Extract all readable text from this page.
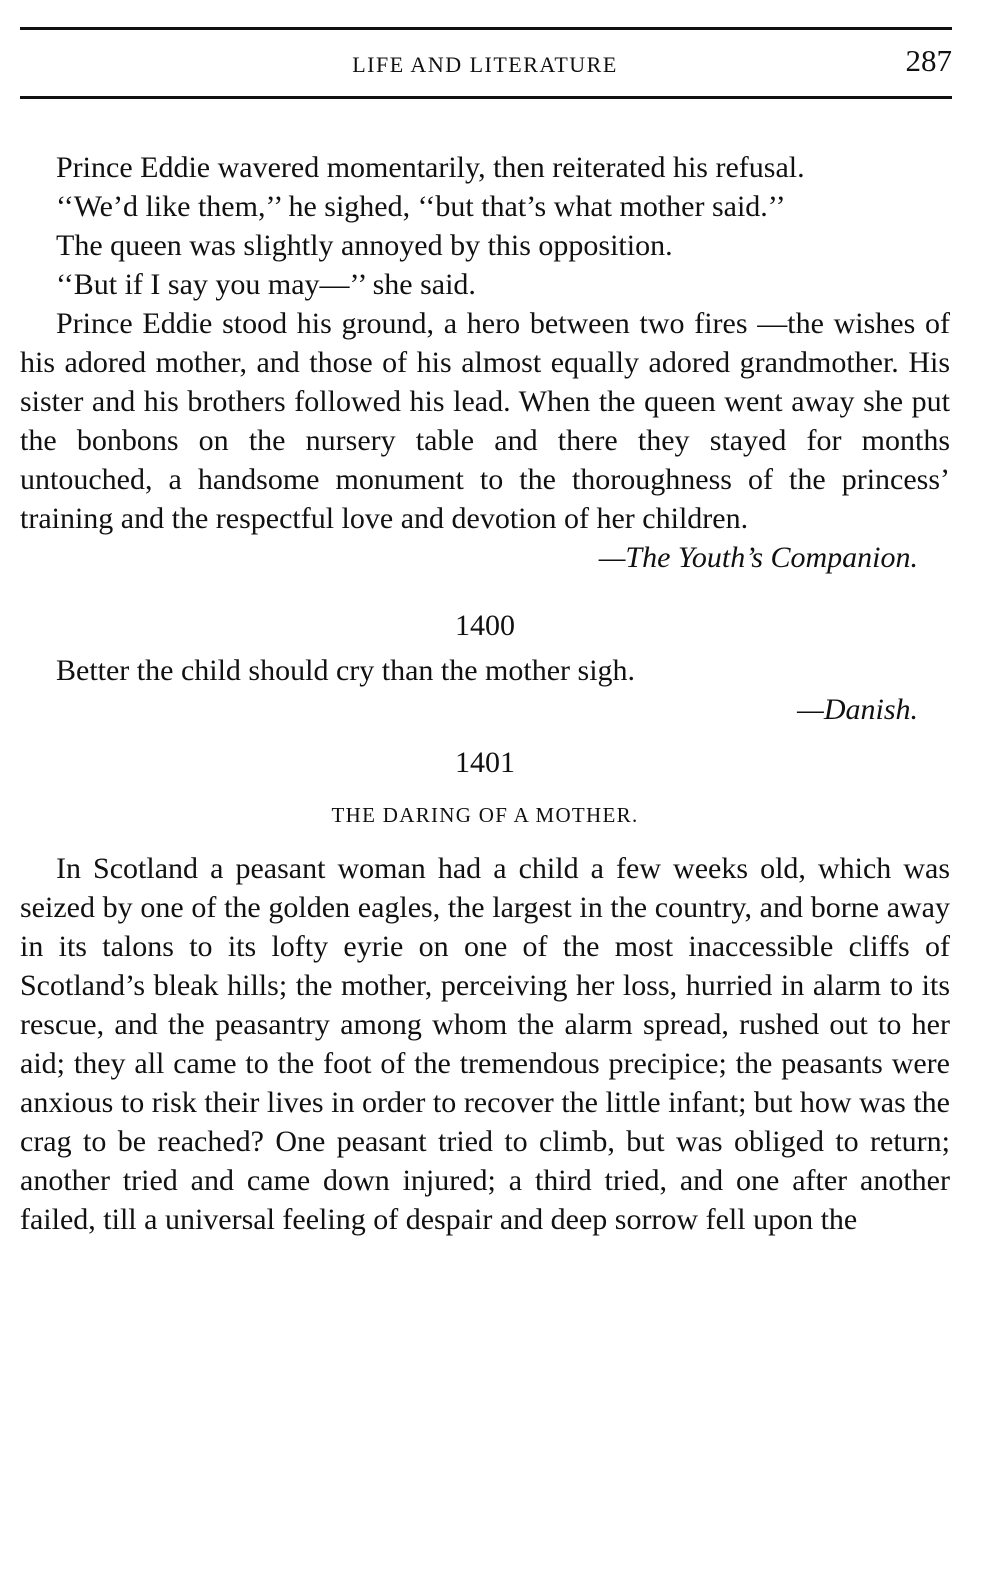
LIFE AND LITERATURE	287

Prince Eddie wavered momentarily, then reiterated his refusal.

‘‘We’d like them,’’ he sighed, ‘‘but that’s what mother said.’’

The queen was slightly annoyed by this opposition.

‘‘But if I say you may—’’ she said.

Prince Eddie stood his ground, a hero between two fires —the wishes of his adored mother, and those of his almost equally adored grandmother. His sister and his brothers followed his lead. When the queen went away she put the bonbons on the nursery table and there they stayed for months untouched, a handsome monument to the thoroughness of the princess’ training and the respectful love and devotion of her children.

—The Youth’s Companion.
1400

Better the child should cry than the mother sigh.

—Danish.
1401
THE DARING OF A MOTHER.

In Scotland a peasant woman had a child a few weeks old, which was seized by one of the golden eagles, the largest in the country, and borne away in its talons to its lofty eyrie on one of the most inaccessible cliffs of Scotland’s bleak hills; the mother, perceiving her loss, hurried in alarm to its rescue, and the peasantry among whom the alarm spread, rushed out to her aid; they all came to the foot of the tremendous precipice; the peasants were anxious to risk their lives in order to recover the little infant; but how was the crag to be reached? One peasant tried to climb, but was obliged to return; another tried and came down injured; a third tried, and one after another failed, till a universal feeling of despair and deep sorrow fell upon the
